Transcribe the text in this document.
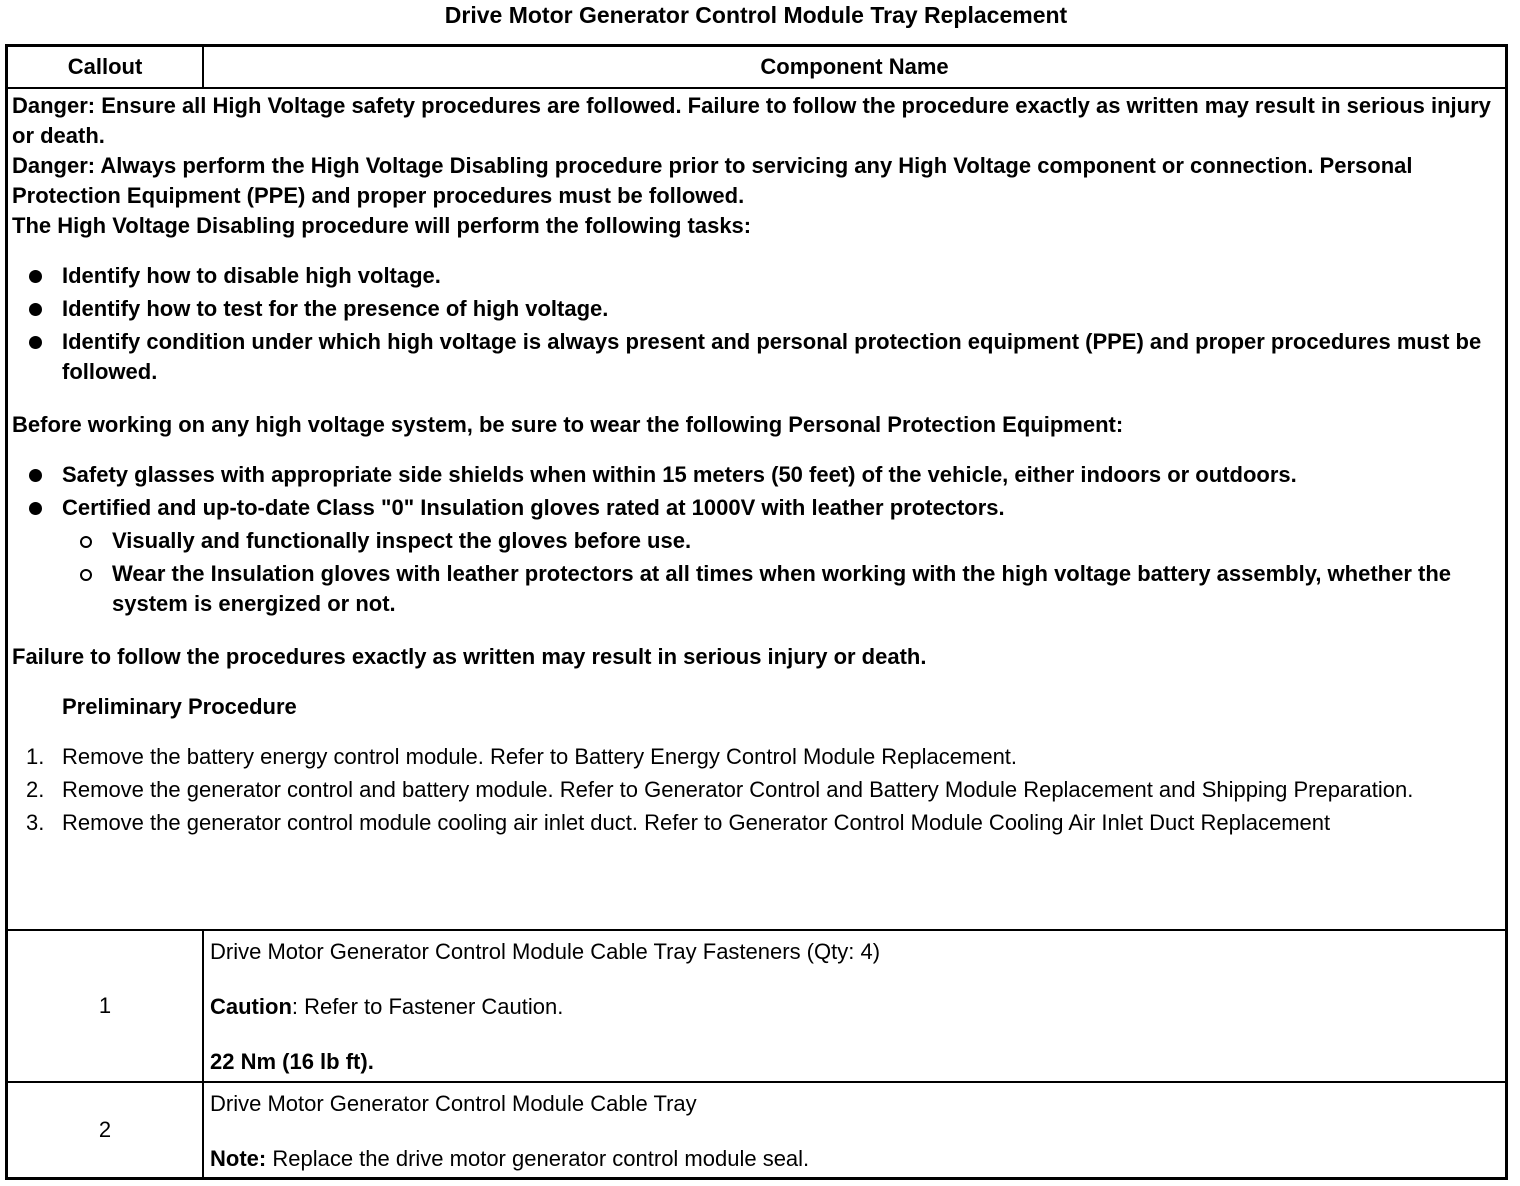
Drive Motor Generator Control Module Tray Replacement
Callout	Component Name
Danger: Ensure all High Voltage safety procedures are followed. Failure to follow the procedure exactly as written may result in serious injury or death.
Danger: Always perform the High Voltage Disabling procedure prior to servicing any High Voltage component or connection. Personal Protection Equipment (PPE) and proper procedures must be followed.
The High Voltage Disabling procedure will perform the following tasks:
Identify how to disable high voltage.
Identify how to test for the presence of high voltage.
Identify condition under which high voltage is always present and personal protection equipment (PPE) and proper procedures must be followed.
Before working on any high voltage system, be sure to wear the following Personal Protection Equipment:
Safety glasses with appropriate side shields when within 15 meters (50 feet) of the vehicle, either indoors or outdoors.
Certified and up-to-date Class "0" Insulation gloves rated at 1000V with leather protectors.
Visually and functionally inspect the gloves before use.
Wear the Insulation gloves with leather protectors at all times when working with the high voltage battery assembly, whether the system is energized or not.
Failure to follow the procedures exactly as written may result in serious injury or death.
Preliminary Procedure
1. Remove the battery energy control module. Refer to Battery Energy Control Module Replacement.
2. Remove the generator control and battery module. Refer to Generator Control and Battery Module Replacement and Shipping Preparation.
3. Remove the generator control module cooling air inlet duct. Refer to Generator Control Module Cooling Air Inlet Duct Replacement
1
Drive Motor Generator Control Module Cable Tray Fasteners (Qty: 4)
Caution: Refer to Fastener Caution.
22 Nm (16 lb ft).
2
Drive Motor Generator Control Module Cable Tray
Note: Replace the drive motor generator control module seal.
